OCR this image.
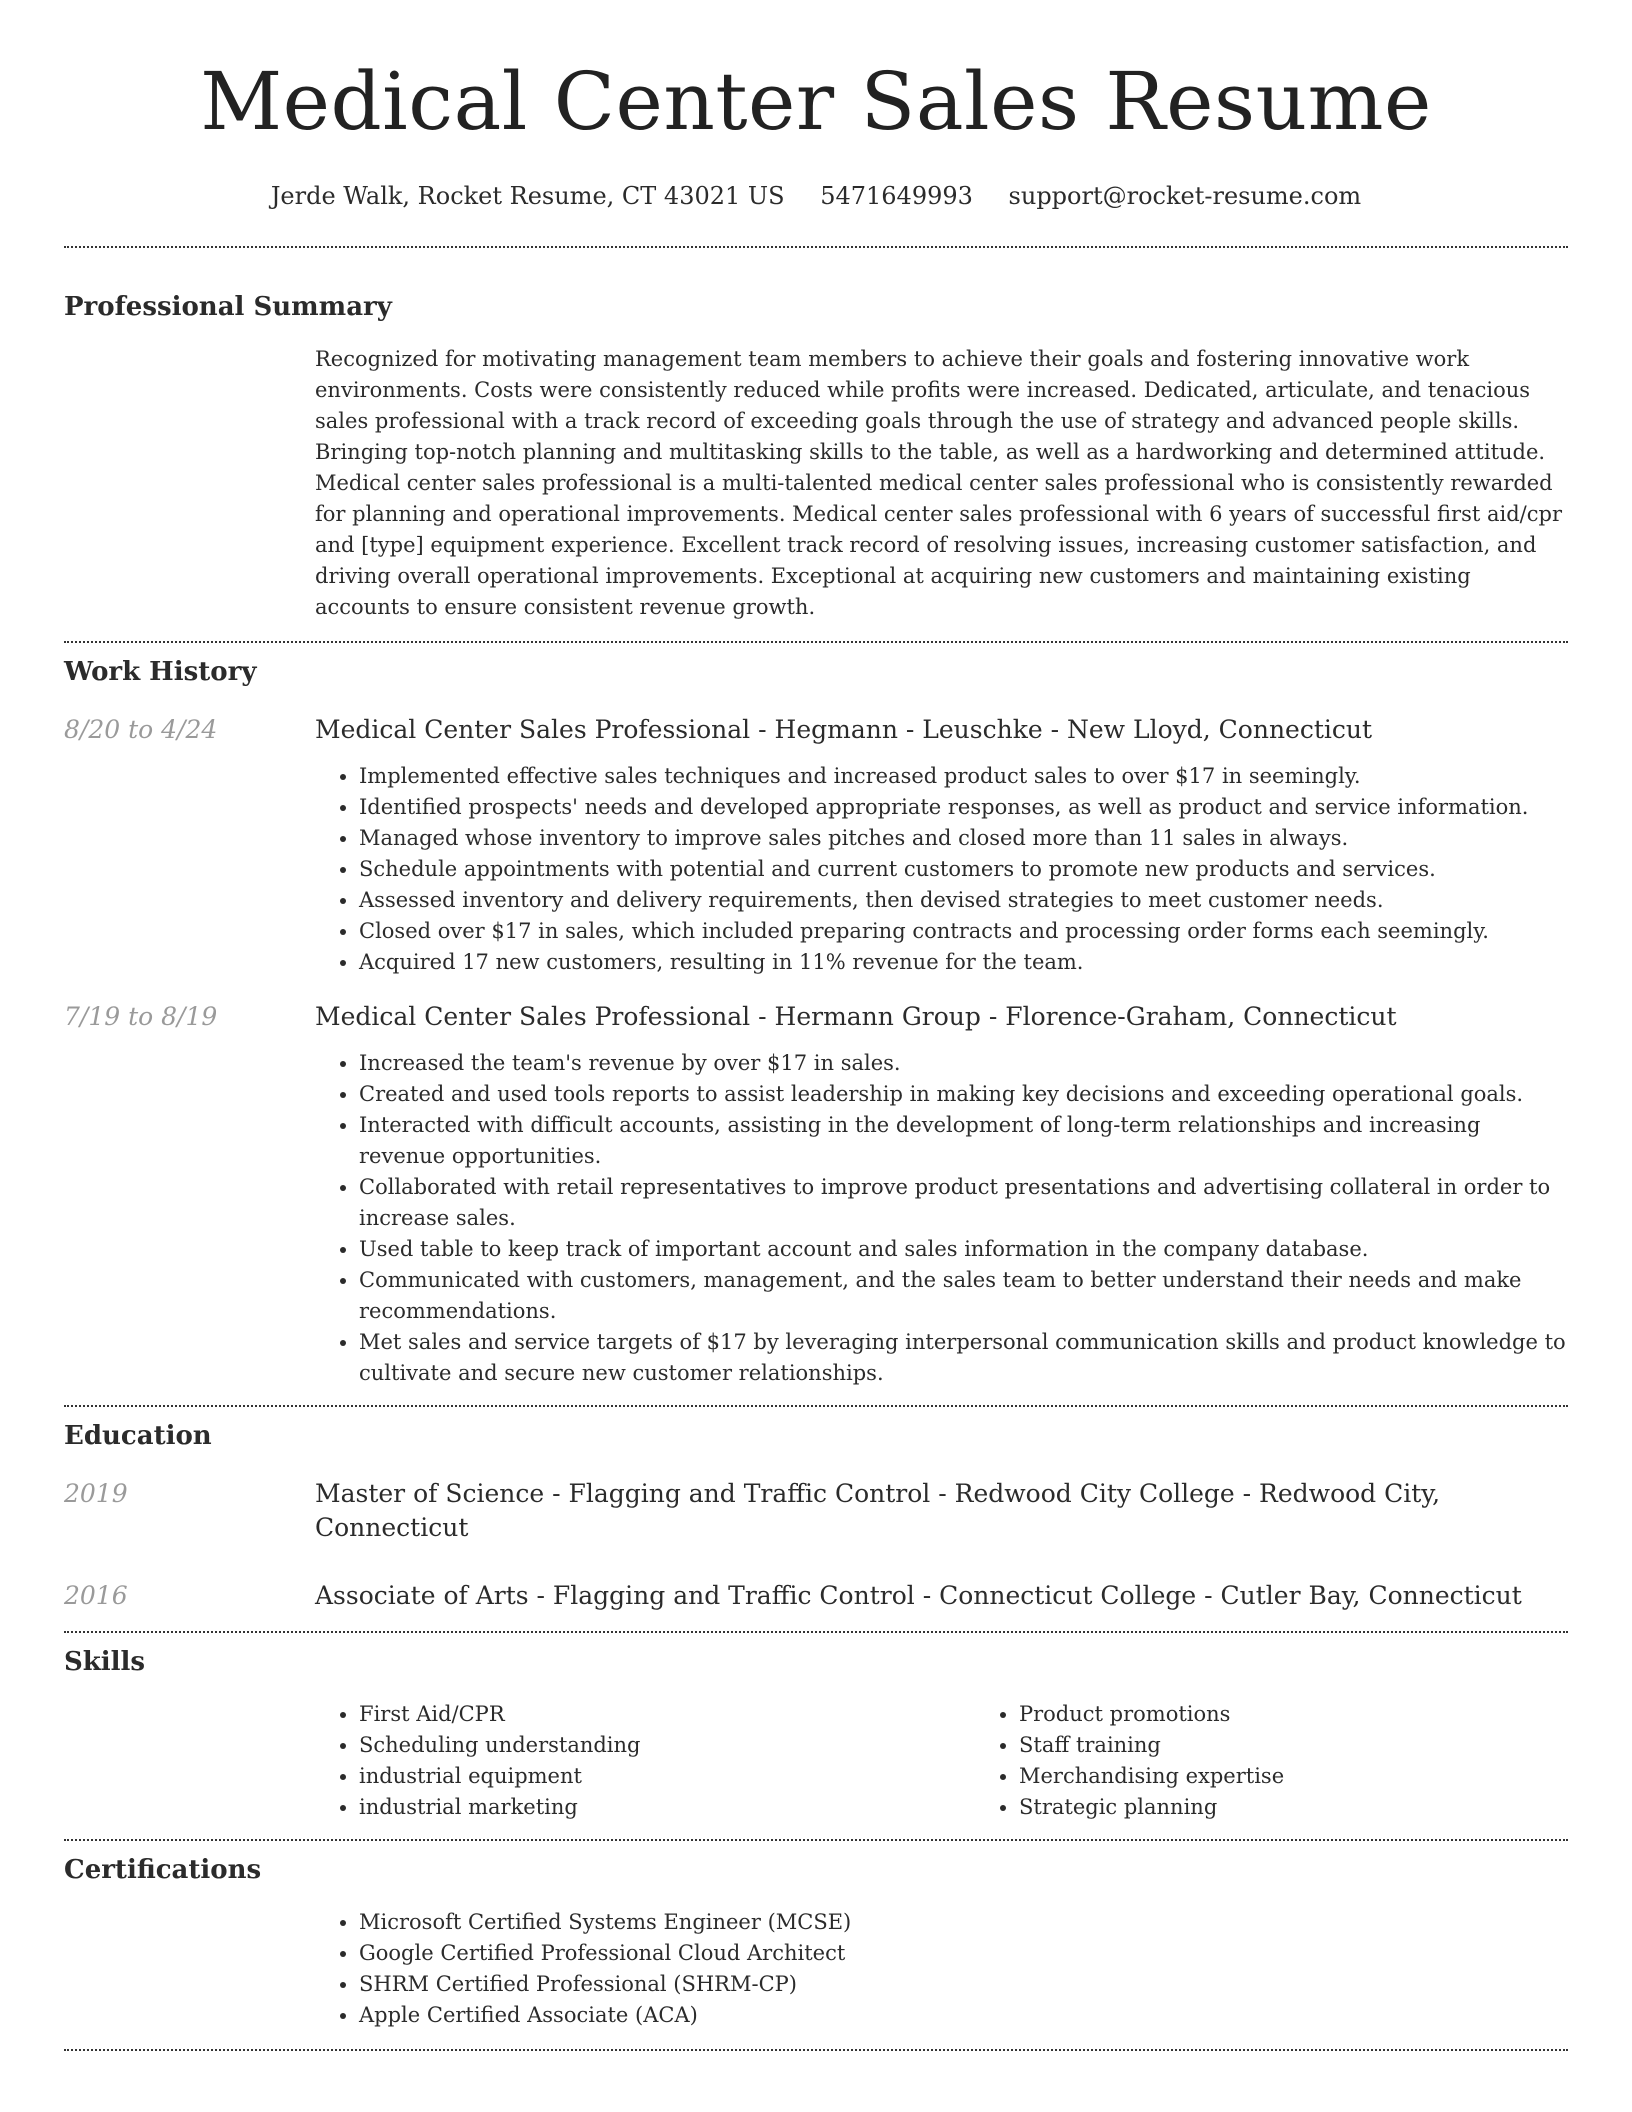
Medical Center Sales Resume
Jerde Walk, Rocket Resume, CT 43021 US 5471649993 support@rocket-resume.com
Professional Summary

Recognized for motivating management team members to achieve their goals and fostering innovative work environments. Costs were consistently reduced while profits were increased. Dedicated, articulate, and tenacious sales professional with a track record of exceeding goals through the use of strategy and advanced people skills. Bringing top-notch planning and multitasking skills to the table, as well as a hardworking and determined attitude. Medical center sales professional is a multi-talented medical center sales professional who is consistently rewarded for planning and operational improvements. Medical center sales professional with 6 years of successful first aid/cpr and [type] equipment experience. Excellent track record of resolving issues, increasing customer satisfaction, and driving overall operational improvements. Exceptional at acquiring new customers and maintaining existing accounts to ensure consistent revenue growth.

Work History
8/20 to 4/24	Medical Center Sales Professional - Hegmann - Leuschke - New Lloyd, Connecticut
• Implemented effective sales techniques and increased product sales to over $17 in seemingly.
• Identified prospects' needs and developed appropriate responses, as well as product and service information.
• Managed whose inventory to improve sales pitches and closed more than 11 sales in always.
• Schedule appointments with potential and current customers to promote new products and services.
• Assessed inventory and delivery requirements, then devised strategies to meet customer needs.
• Closed over $17 in sales, which included preparing contracts and processing order forms each seemingly.
• Acquired 17 new customers, resulting in 11% revenue for the team.
7/19 to 8/19	Medical Center Sales Professional - Hermann Group - Florence-Graham, Connecticut
• Increased the team's revenue by over $17 in sales.
• Created and used tools reports to assist leadership in making key decisions and exceeding operational goals.
• Interacted with difficult accounts, assisting in the development of long-term relationships and increasing revenue opportunities.
• Collaborated with retail representatives to improve product presentations and advertising collateral in order to increase sales.
• Used table to keep track of important account and sales information in the company database.
• Communicated with customers, management, and the sales team to better understand their needs and make recommendations.
• Met sales and service targets of $17 by leveraging interpersonal communication skills and product knowledge to cultivate and secure new customer relationships.
Education
2019	Master of Science - Flagging and Traffic Control - Redwood City College - Redwood City, Connecticut
2016	Associate of Arts - Flagging and Traffic Control - Connecticut College - Cutler Bay, Connecticut
Skills
• First Aid/CPR
• Scheduling understanding
• industrial equipment
• industrial marketing
• Product promotions
• Staff training
• Merchandising expertise
• Strategic planning
Certifications
• Microsoft Certified Systems Engineer (MCSE)
• Google Certified Professional Cloud Architect
• SHRM Certified Professional (SHRM-CP)
• Apple Certified Associate (ACA)
